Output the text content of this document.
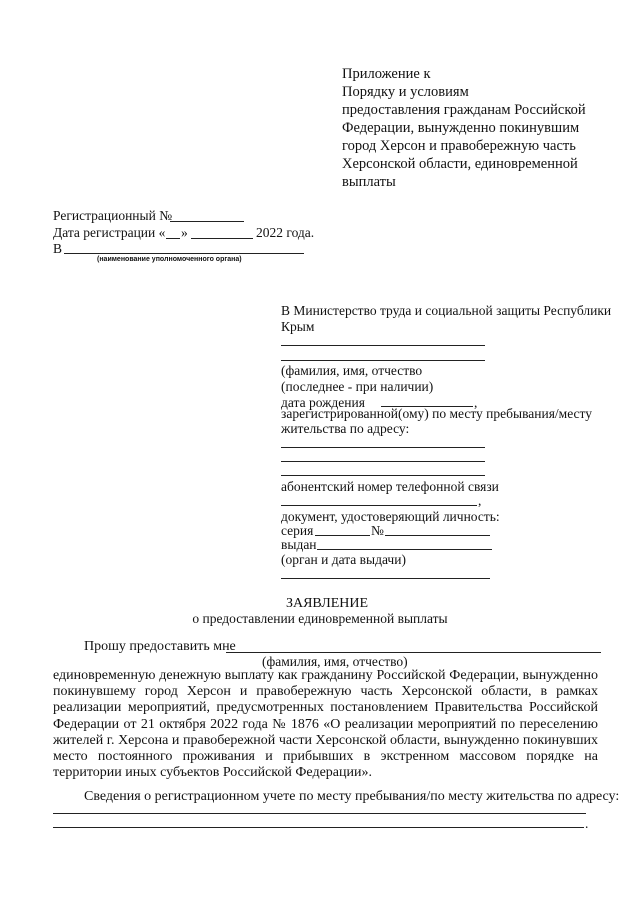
Приложение к
Порядку и условиям
предоставления гражданам Российской
Федерации, вынужденно покинувшим
город Херсон и правобережную часть
Херсонской области, единовременной
выплаты
Регистрационный №
Дата регистрации « »	2022 года.
В
(наименование уполномоченного органа)
В Министерство труда и социальной защиты Республики
Крым
(фамилия, имя, отчество
(последнее - при наличии)
дата рождения	,
зарегистрированной(ому) по месту пребывания/месту
жительства по адресу:
абонентский номер телефонной связи
,
документ, удостоверяющий личность:
серия	№
выдан
(орган и дата выдачи)
ЗАЯВЛЕНИЕ
о предоставлении единовременной выплаты
Прошу предоставить мне
(фамилия, имя, отчество)
единовременную денежную выплату как гражданину Российской Федерации, вынужденно покинувшему город Херсон и правобережную часть Херсонской области, в рамках реализации мероприятий, предусмотренных постановлением Правительства Российской Федерации от 21 октября 2022 года № 1876 «О реализации мероприятий по переселению жителей г. Херсона и правобережной части Херсонской области, вынужденно покинувших место постоянного проживания и прибывших в экстренном массовом порядке на территории иных субъектов Российской Федерации».
Сведения о регистрационном учете по месту пребывания/по месту жительства по адресу:
.
